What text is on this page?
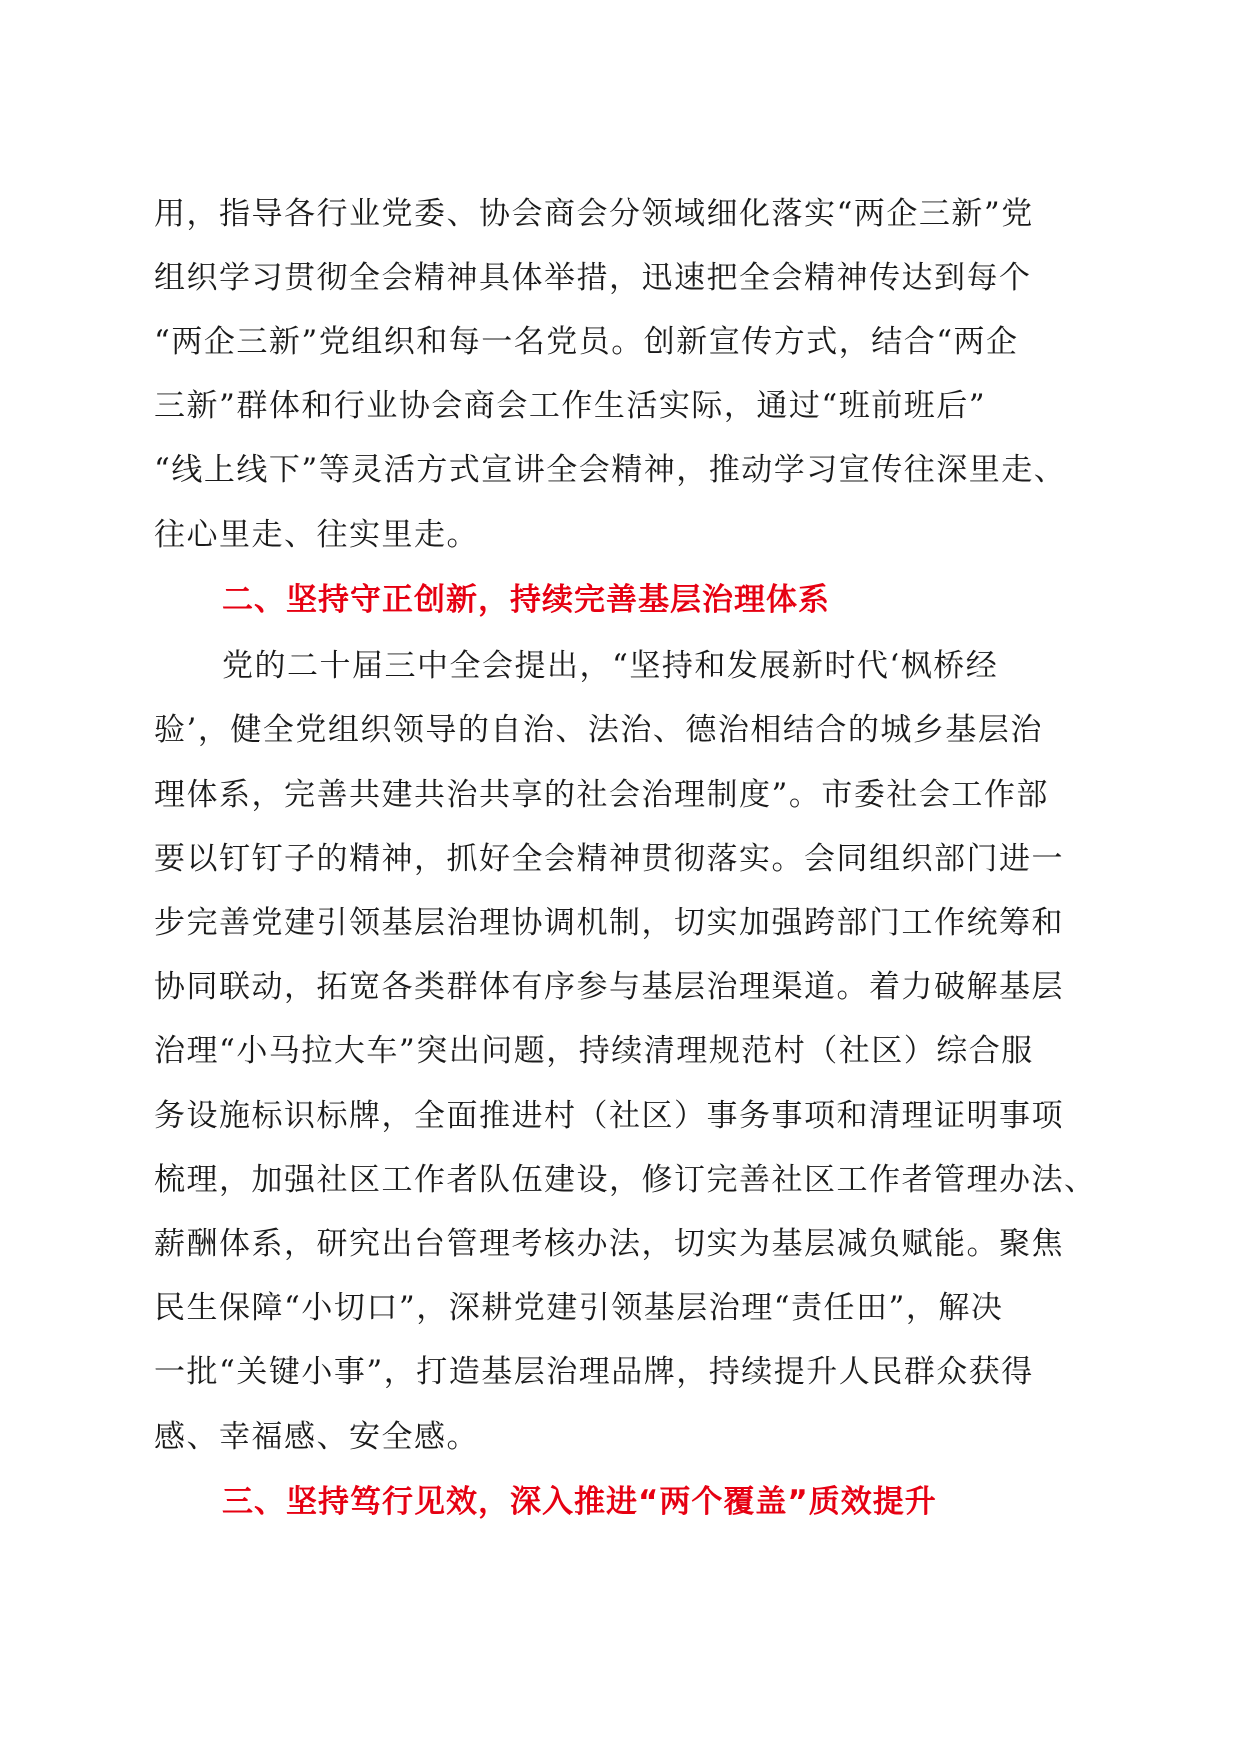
用，指导各行业党委、协会商会分领域细化落实“两企三新”党
组织学习贯彻全会精神具体举措，迅速把全会精神传达到每个
“两企三新”党组织和每一名党员。创新宣传方式，结合“两企
三新”群体和行业协会商会工作生活实际，通过“班前班后”
“线上线下”等灵活方式宣讲全会精神，推动学习宣传往深里走、
往心里走、往实里走。
二、坚持守正创新，持续完善基层治理体系
党的二十届三中全会提出，“坚持和发展新时代‘枫桥经
验’，健全党组织领导的自治、法治、德治相结合的城乡基层治
理体系，完善共建共治共享的社会治理制度”。市委社会工作部
要以钉钉子的精神，抓好全会精神贯彻落实。会同组织部门进一
步完善党建引领基层治理协调机制，切实加强跨部门工作统筹和
协同联动，拓宽各类群体有序参与基层治理渠道。着力破解基层
治理“小马拉大车”突出问题，持续清理规范村（社区）综合服
务设施标识标牌，全面推进村（社区）事务事项和清理证明事项
梳理，加强社区工作者队伍建设，修订完善社区工作者管理办法、
薪酬体系，研究出台管理考核办法，切实为基层减负赋能。聚焦
民生保障“小切口”，深耕党建引领基层治理“责任田”，解决
一批“关键小事”，打造基层治理品牌，持续提升人民群众获得
感、幸福感、安全感。
三、坚持笃行见效，深入推进“两个覆盖”质效提升
